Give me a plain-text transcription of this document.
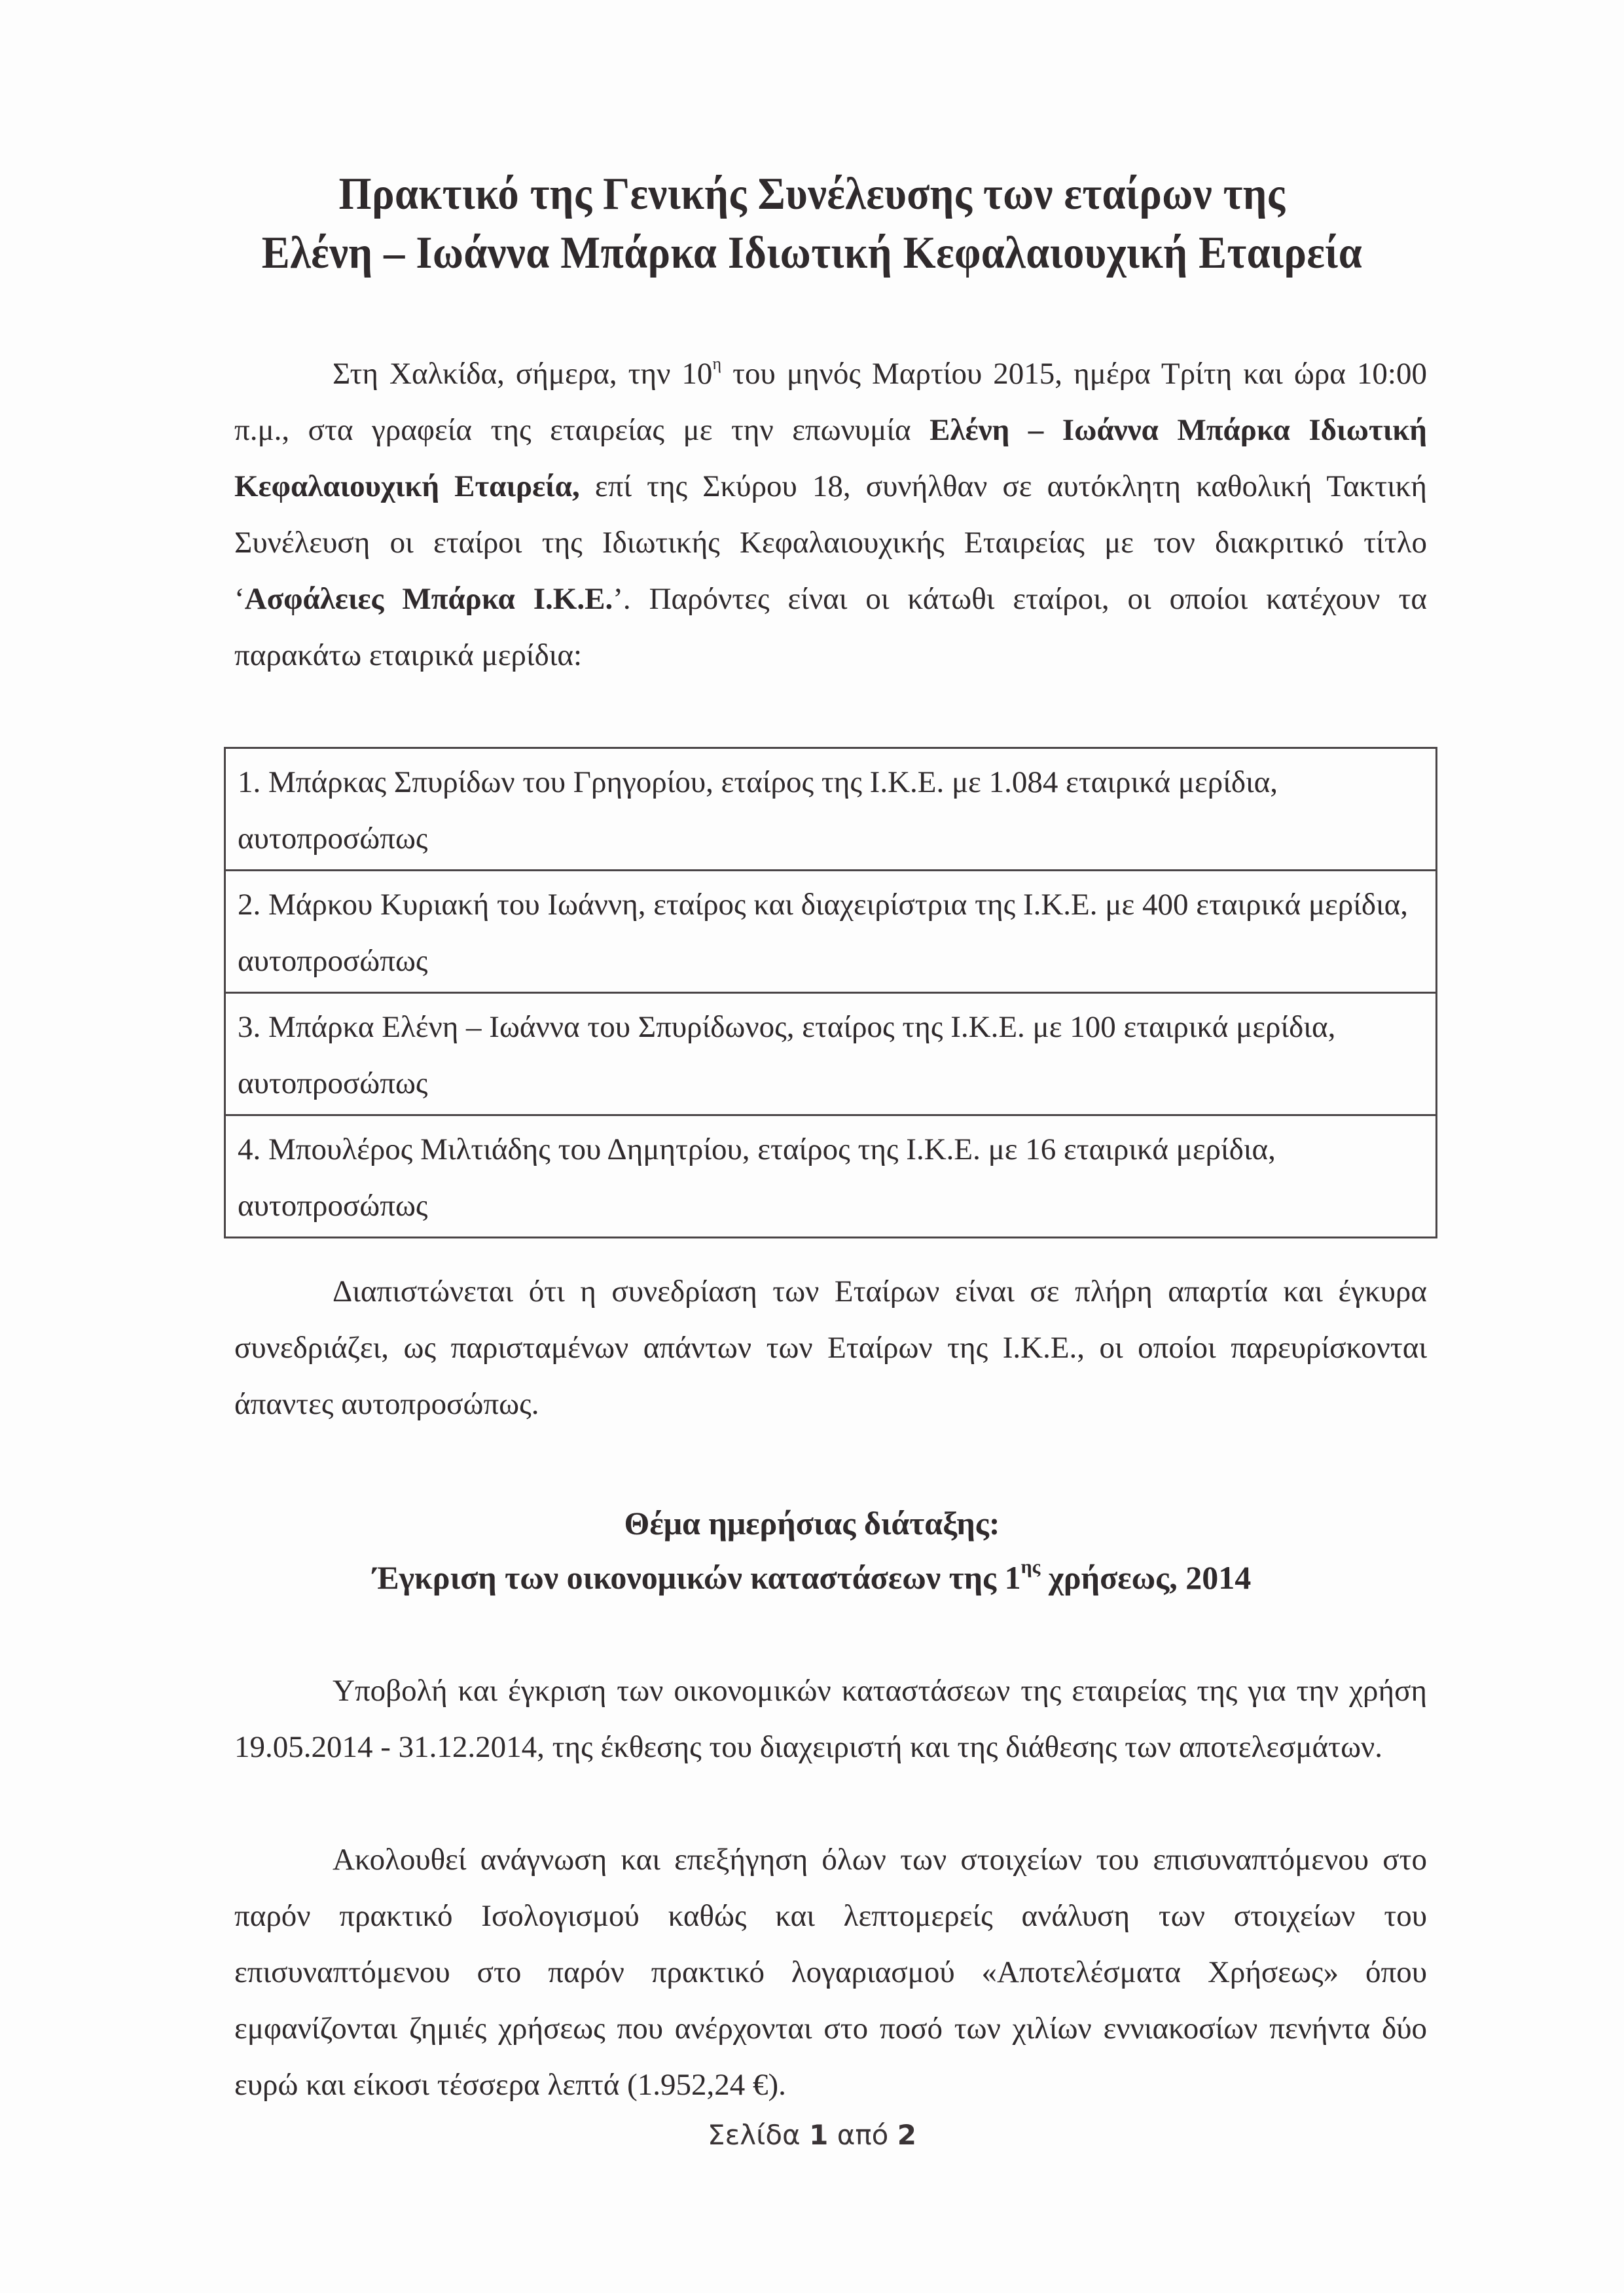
Πρακτικό της Γενικής Συνέλευσης των εταίρων της
Ελένη – Ιωάννα Μπάρκα Ιδιωτική Κεφαλαιουχική Εταιρεία
Στη Χαλκίδα, σήμερα, την $10^\eta$ του μηνός Μαρτίου 2015, ημέρα Τρίτη και ώρα 10:00 π.μ., στα γραφεία της εταιρείας με την επωνυμία Ελένη – Ιωάννα Μπάρκα Ιδιωτική Κεφαλαιουχική Εταιρεία, επί της Σκύρου 18, συνήλθαν σε αυτόκλητη καθολική Τακτική Συνέλευση οι εταίροι της Ιδιωτικής Κεφαλαιουχικής Εταιρείας με τον διακριτικό τίτλο ‘Ασφάλειες Μπάρκα Ι.Κ.Ε.’. Παρόντες είναι οι κάτωθι εταίροι, οι οποίοι κατέχουν τα παρακάτω εταιρικά μερίδια:
1. Μπάρκας Σπυρίδων του Γρηγορίου, εταίρος της Ι.Κ.Ε. με 1.084 εταιρικά μερίδια, αυτοπροσώπως
2. Μάρκου Κυριακή του Ιωάννη, εταίρος και διαχειρίστρια της Ι.Κ.Ε. με 400 εταιρικά μερίδια, αυτοπροσώπως
3. Μπάρκα Ελένη – Ιωάννα του Σπυρίδωνος, εταίρος της Ι.Κ.Ε. με 100 εταιρικά μερίδια, αυτοπροσώπως
4. Μπουλέρος Μιλτιάδης του Δημητρίου, εταίρος της Ι.Κ.Ε. με 16 εταιρικά μερίδια, αυτοπροσώπως
Διαπιστώνεται ότι η συνεδρίαση των Εταίρων είναι σε πλήρη απαρτία και έγκυρα συνεδριάζει, ως παρισταμένων απάντων των Εταίρων της Ι.Κ.Ε., οι οποίοι παρευρίσκονται άπαντες αυτοπροσώπως.
Θέμα ημερήσιας διάταξης:
Έγκριση των οικονομικών καταστάσεων της $1^{\eta\varsigma}$ χρήσεως, 2014
Υποβολή και έγκριση των οικονομικών καταστάσεων της εταιρείας της για την χρήση 19.05.2014 - 31.12.2014, της έκθεσης του διαχειριστή και της διάθεσης των αποτελεσμάτων.
Ακολουθεί ανάγνωση και επεξήγηση όλων των στοιχείων του επισυναπτόμενου στο παρόν πρακτικό Ισολογισμού καθώς και λεπτομερείς ανάλυση των στοιχείων του επισυναπτόμενου στο παρόν πρακτικό λογαριασμού «Αποτελέσματα Χρήσεως» όπου εμφανίζονται ζημιές χρήσεως που ανέρχονται στο ποσό των χιλίων εννιακοσίων πενήντα δύο ευρώ και είκοσι τέσσερα λεπτά (1.952,24 €).
Σελίδα 1 από 2
